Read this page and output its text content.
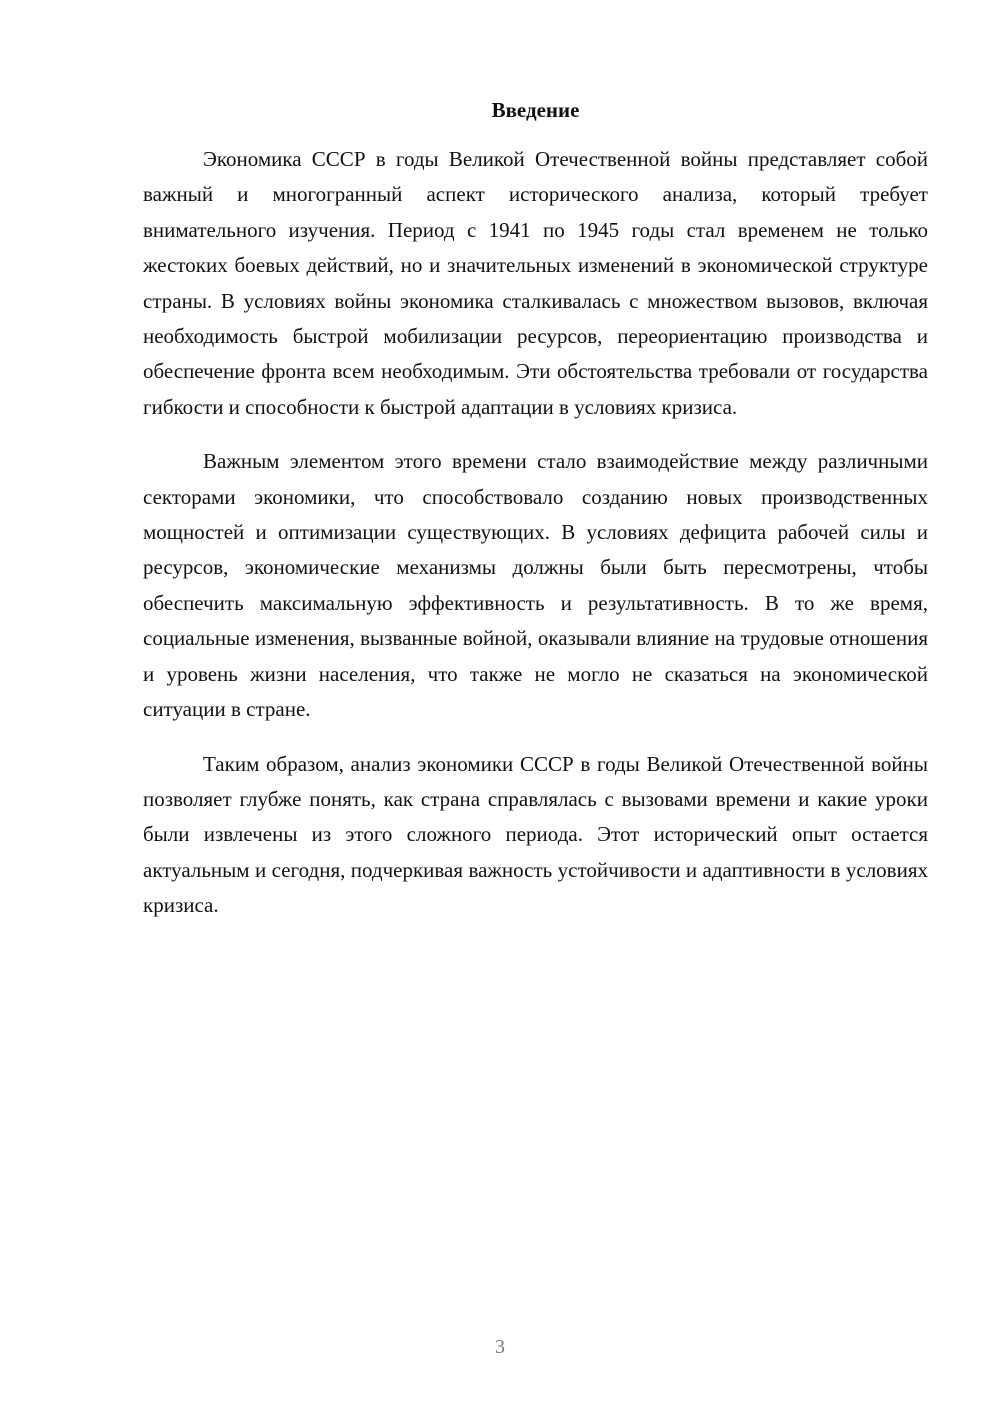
Введение

Экономика СССР в годы Великой Отечественной войны представляет собой важный и многогранный аспект исторического анализа, который требует внимательного изучения. Период с 1941 по 1945 годы стал временем не только жестоких боевых действий, но и значительных изменений в экономической структуре страны. В условиях войны экономика сталкивалась с множеством вызовов, включая необходимость быстрой мобилизации ресурсов, переориентацию производства и обеспечение фронта всем необходимым. Эти обстоятельства требовали от государства гибкости и способности к быстрой адаптации в условиях кризиса.

Важным элементом этого времени стало взаимодействие между различными секторами экономики, что способствовало созданию новых производственных мощностей и оптимизации существующих. В условиях дефицита рабочей силы и ресурсов, экономические механизмы должны были быть пересмотрены, чтобы обеспечить максимальную эффективность и результативность. В то же время, социальные изменения, вызванные войной, оказывали влияние на трудовые отношения и уровень жизни населения, что также не могло не сказаться на экономической ситуации в стране.

Таким образом, анализ экономики СССР в годы Великой Отечественной войны позволяет глубже понять, как страна справлялась с вызовами времени и какие уроки были извлечены из этого сложного периода. Этот исторический опыт остается актуальным и сегодня, подчеркивая важность устойчивости и адаптивности в условиях кризиса.

3
